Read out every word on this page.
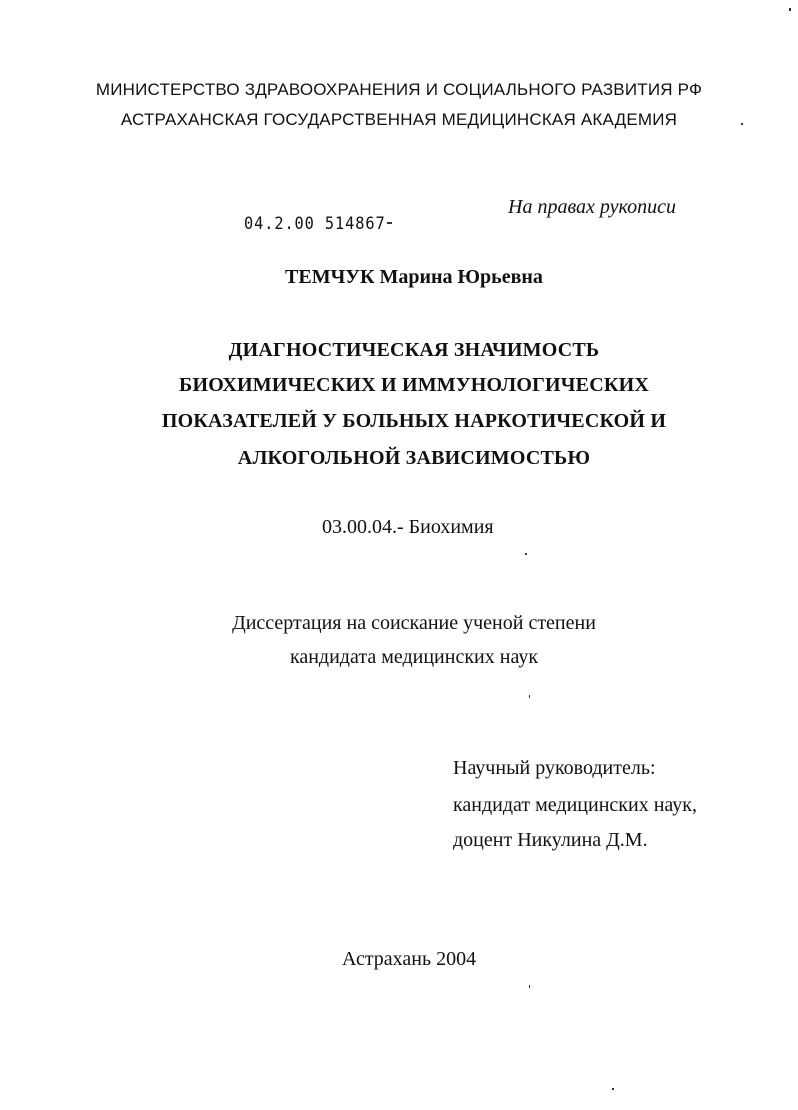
МИНИСТЕРСТВО ЗДРАВООХРАНЕНИЯ И СОЦИАЛЬНОГО РАЗВИТИЯ РФ
АСТРАХАНСКАЯ ГОСУДАРСТВЕННАЯ МЕДИЦИНСКАЯ АКАДЕМИЯ
На правах рукописи
04.2.00 514867
ТЕМЧУК Марина Юрьевна
ДИАГНОСТИЧЕСКАЯ ЗНАЧИМОСТЬ
БИОХИМИЧЕСКИХ И ИММУНОЛОГИЧЕСКИХ
ПОКАЗАТЕЛЕЙ У БОЛЬНЫХ НАРКОТИЧЕСКОЙ И
АЛКОГОЛЬНОЙ ЗАВИСИМОСТЬЮ
03.00.04.- Биохимия
Диссертация на соискание ученой степени
кандидата медицинских наук
Научный руководитель:
кандидат медицинских наук,
доцент Никулина Д.М.
Астрахань 2004
